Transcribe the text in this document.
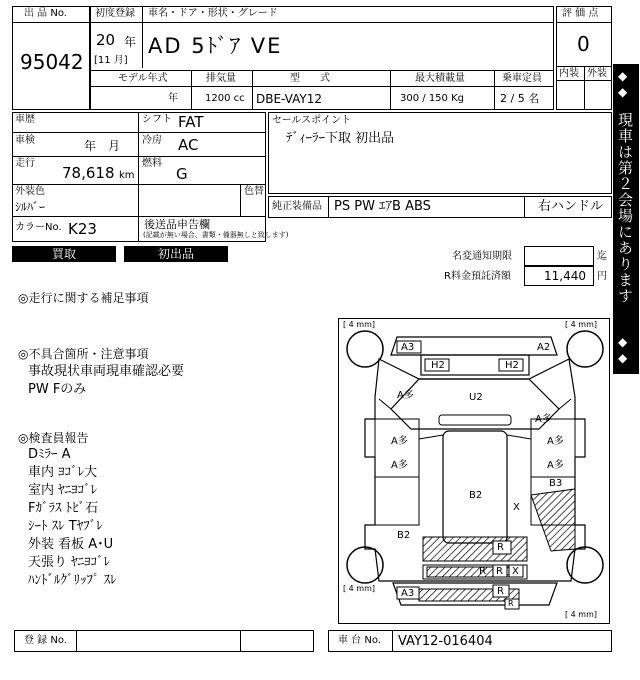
出 品 No.
95042
初度登録 車名・ドア・形状・グレード
20 年
[11 月]
AD 5ﾄﾞｱ VE
モデル年式	排気量	型　　式	最大積載量	乗車定員
年	1200 cc DBE-VAY12	300 / 150 Kg	2 / 5 名
評 価 点
0
内装 外装
車歴	シフト FAT
車検	年　月 冷房 AC
走行
78,618 km
燃料
G
外装色
ｼﾙﾊﾞｰ
色替
カラーNo. K23	後送品申告欄
(記載が無い場合、書類・備器無しと致します)
セールスポイント
ﾃﾞｨｰﾗｰ下取 初出品
純正装備品 PS PW ｴｱB ABS	右ハンドル
買取	初出品	名変通知期限	迄
R料金預託済額	11,440 円
◆
◆
現車は第２会場にあります
◆
◆
◎走行に関する補足事項
◎不具合箇所・注意事項
事故現状車両現車確認必要
PW Fのみ
◎検査員報告
Dﾐﾗｰ A
車内 ﾖｺﾞﾚ大
室内 ﾔﾆﾖｺﾞﾚ
Fｶﾞﾗｽ ﾄﾋﾞ石
ｼｰﾄ ｽﾚ Tﾔﾌﾞﾚ
外装 看板 A･U
天張り ﾔﾆﾖｺﾞﾚ
ﾊﾝﾄﾞﾙｸﾞﾘｯﾌﾟ ｽﾚ
[ 4 mm]	[ 4 mm]
[ 4 mm]
[ 4 mm]
A3	A2
H2	H2
U2
A多
A多
A多
A多
A多
A多
B3
B2
X
B2
R
R X
A3	R
R
R
登 録 No.	車 台 No. VAY12-016404
